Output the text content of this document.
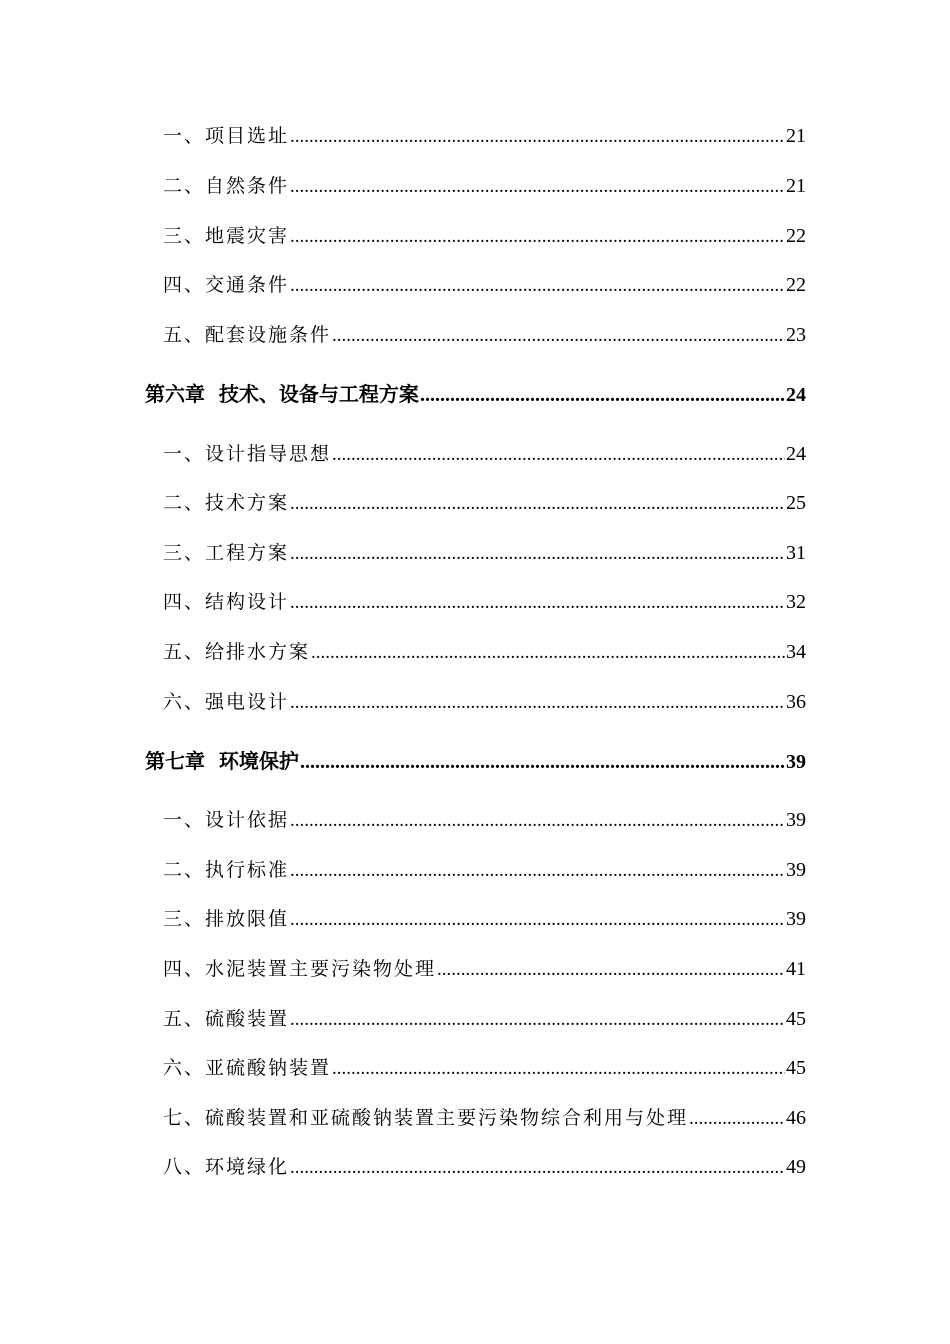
一、项目选址 .....	21
二、自然条件 .....	21
三、地震灾害 .....	22
四、交通条件 .....	22
五、配套设施条件 .....	23
第六章  技术、设备与工程方案 .....	24
一、设计指导思想 .....	24
二、技术方案 .....	25
三、工程方案 .....	31
四、结构设计 .....	32
五、给排水方案 .....	34
六、强电设计 .....	36
第七章  环境保护 .....	39
一、设计依据 .....	39
二、执行标准 .....	39
三、排放限值 .....	39
四、水泥装置主要污染物处理 .....	41
五、硫酸装置 .....	45
六、亚硫酸钠装置 .....	45
七、硫酸装置和亚硫酸钠装置主要污染物综合利用与处理 .....	46
八、环境绿化 .....	49
